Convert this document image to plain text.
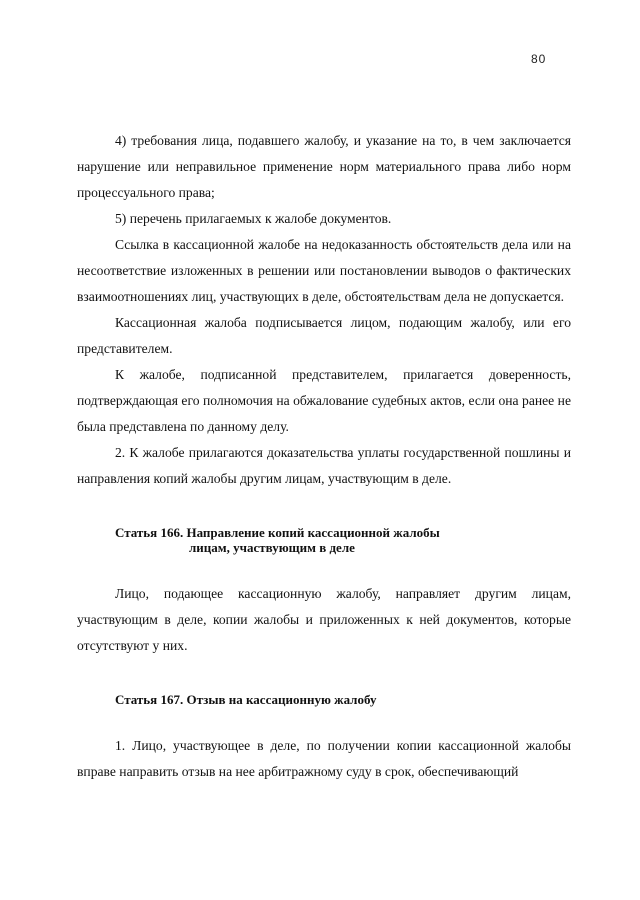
80

4) требования лица, подавшего жалобу, и указание на то, в чем заключается нарушение или неправильное применение норм материального права либо норм процессуального права;

5) перечень прилагаемых к жалобе документов.

Ссылка в кассационной жалобе на недоказанность обстоятельств дела или на несоответствие изложенных в решении или постановлении выводов о фактических взаимоотношениях лиц, участвующих в деле, обстоятельствам дела не допускается.

Кассационная жалоба подписывается лицом, подающим жалобу, или его представителем.

К жалобе, подписанной представителем, прилагается доверенность, подтверждающая его полномочия на обжалование судебных актов, если она ранее не была представлена по данному делу.

2. К жалобе прилагаются доказательства уплаты государственной пошлины и направления копий жалобы другим лицам, участвующим в деле.

Статья 166. Направление копий кассационной жалобы
лицам, участвующим в деле

Лицо, подающее кассационную жалобу, направляет другим лицам, участвующим в деле, копии жалобы и приложенных к ней документов, которые отсутствуют у них.

Статья 167. Отзыв на кассационную жалобу

1. Лицо, участвующее в деле, по получении копии кассационной жалобы вправе направить отзыв на нее арбитражному суду в срок, обеспечивающий
